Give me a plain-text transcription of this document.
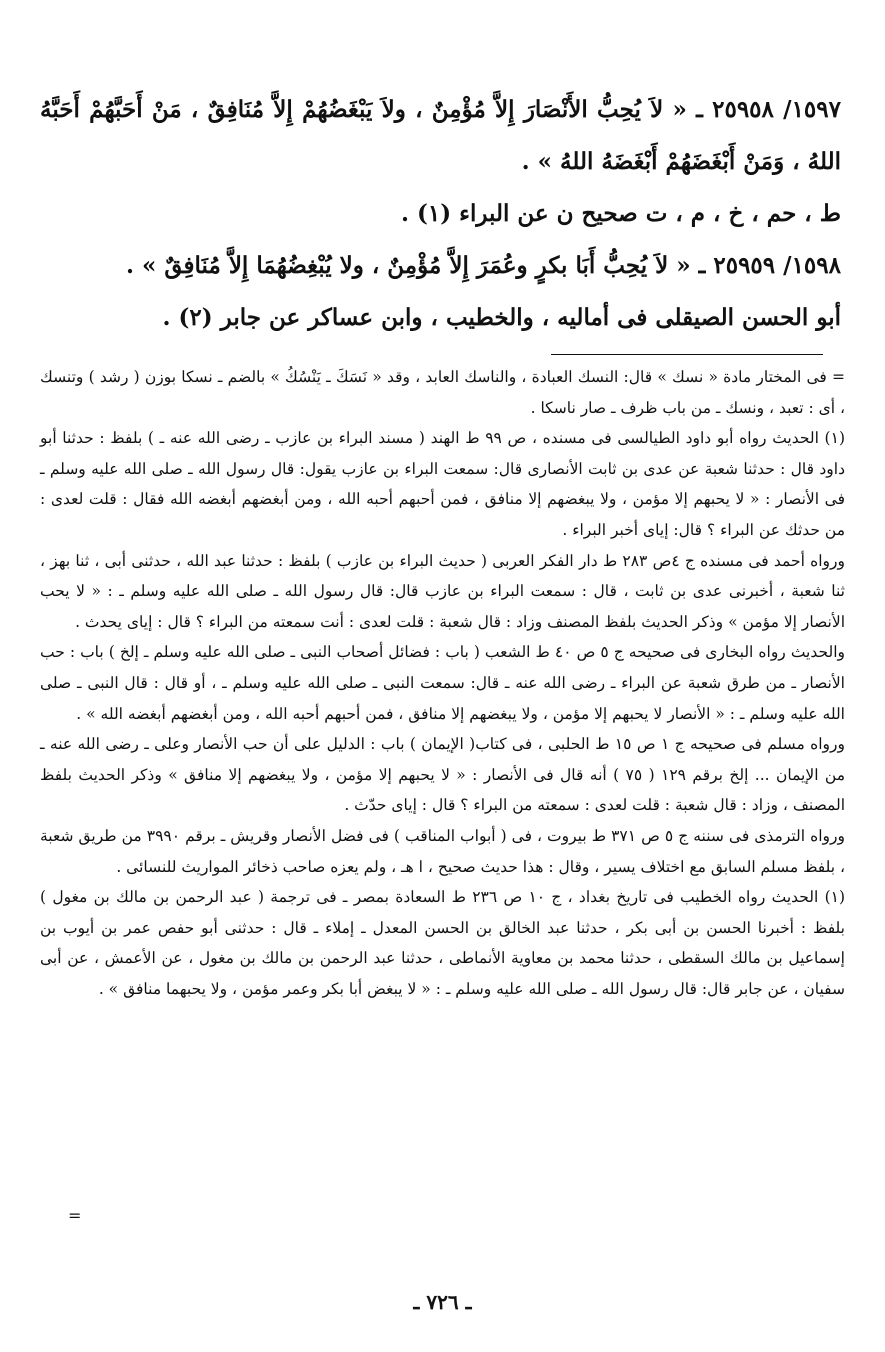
١٥٩٧/ ٢٥٩٥٨ ـ « لاَ يُحِبُّ الأَنْصَارَ إِلاَّ مُؤْمِنٌ ، ولاَ يَبْغَضُهُمْ إِلاَّ مُنَافِقٌ ، مَنْ أَحَبَّهُمْ أَحَبَّهُ اللهُ ، وَمَنْ أَبْغَضَهُمْ أَبْغَضَهُ اللهُ » .

ط ، حم ، خ ، م ، ت صحيح ن عن البراء (١) .

١٥٩٨/ ٢٥٩٥٩ ـ « لاَ يُحِبُّ أَبَا بكرٍ وعُمَرَ إِلاَّ مُؤْمِنٌ ، ولا يُبْغِضُهُمَا إِلاَّ مُنَافِقٌ » .

أبو الحسن الصيقلى فى أماليه ، والخطيب ، وابن عساكر عن جابر (٢) .

= فى المختار مادة « نسك » قال: النسك العبادة ، والناسك العابد ، وقد « نَسَكَ ـ يَنْسُكُ » بالضم ـ نسكا بوزن ( رشد ) وتنسك ، أى : تعبد ، ونسك ـ من باب ظرف ـ صار ناسكا .

(١) الحديث رواه أبو داود الطيالسى فى مسنده ، ص ٩٩ ط الهند ( مسند البراء بن عازب ـ رضى الله عنه ـ ) بلفظ : حدثنا أبو داود قال : حدثنا شعبة عن عدى بن ثابت الأنصارى قال: سمعت البراء بن عازب يقول: قال رسول الله ـ صلى الله عليه وسلم ـ فى الأنصار : « لا يحبهم إلا مؤمن ، ولا يبغضهم إلا منافق ، فمن أحبهم أحبه الله ، ومن أبغضهم أبغضه الله فقال : قلت لعدى : من حدثك عن البراء ؟ قال: إياى أخبر البراء .

ورواه أحمد فى مسنده ج ٤ص ٢٨٣ ط دار الفكر العربى ( حديث البراء بن عازب ) بلفظ : حدثنا عبد الله ، حدثنى أبى ، ثنا بهز ، ثنا شعبة ، أخبرنى عدى بن ثابت ، قال : سمعت البراء بن عازب قال: قال رسول الله ـ صلى الله عليه وسلم ـ : « لا يحب الأنصار إلا مؤمن » وذكر الحديث بلفظ المصنف وزاد : قال شعبة : قلت لعدى : أنت سمعته من البراء ؟ قال : إياى يحدث .

والحديث رواه البخارى فى صحيحه ج ٥ ص ٤٠ ط الشعب ( باب : فضائل أصحاب النبى ـ صلى الله عليه وسلم ـ إلخ ) باب : حب الأنصار ـ من طرق شعبة عن البراء ـ رضى الله عنه ـ قال: سمعت النبى ـ صلى الله عليه وسلم ـ ، أو قال : قال النبى ـ صلى الله عليه وسلم ـ : « الأنصار لا يحبهم إلا مؤمن ، ولا يبغضهم إلا منافق ، فمن أحبهم أحبه الله ، ومن أبغضهم أبغضه الله » .

ورواه مسلم فى صحيحه ج ١ ص ١٥ ط الحلبى ، فى كتاب( الإيمان ) باب : الدليل على أن حب الأنصار وعلى ـ رضى الله عنه ـ من الإيمان ... إلخ برقم ١٢٩ ( ٧٥ ) أنه قال فى الأنصار : « لا يحبهم إلا مؤمن ، ولا يبغضهم إلا منافق » وذكر الحديث بلفظ المصنف ، وزاد : قال شعبة : قلت لعدى : سمعته من البراء ؟ قال : إياى حدّث .

ورواه الترمذى فى سننه ج ٥ ص ٣٧١ ط بيروت ، فى ( أبواب المناقب ) فى فضل الأنصار وقريش ـ برقم ٣٩٩٠ من طريق شعبة ، بلفظ مسلم السابق مع اختلاف يسير ، وقال : هذا حديث صحيح ، ا هـ ، ولم يعزه صاحب ذخائر المواريث للنسائى .

(١) الحديث رواه الخطيب فى تاريخ بغداد ، ج ١٠ ص ٢٣٦ ط السعادة بمصر ـ فى ترجمة ( عبد الرحمن بن مالك بن مغول ) بلفظ : أخبرنا الحسن بن أبى بكر ، حدثنا عبد الخالق بن الحسن المعدل ـ إملاء ـ قال : حدثنى أبو حفص عمر بن أيوب بن إسماعيل بن مالك السقطى ، حدثنا محمد بن معاوية الأنماطى ، حدثنا عبد الرحمن بن مالك بن مغول ، عن الأعمش ، عن أبى سفيان ، عن جابر قال: قال رسول الله ـ صلى الله عليه وسلم ـ : « لا يبغض أبا بكر وعمر مؤمن ، ولا يحبهما منافق » .

=
ـ ٧٢٦ ـ
